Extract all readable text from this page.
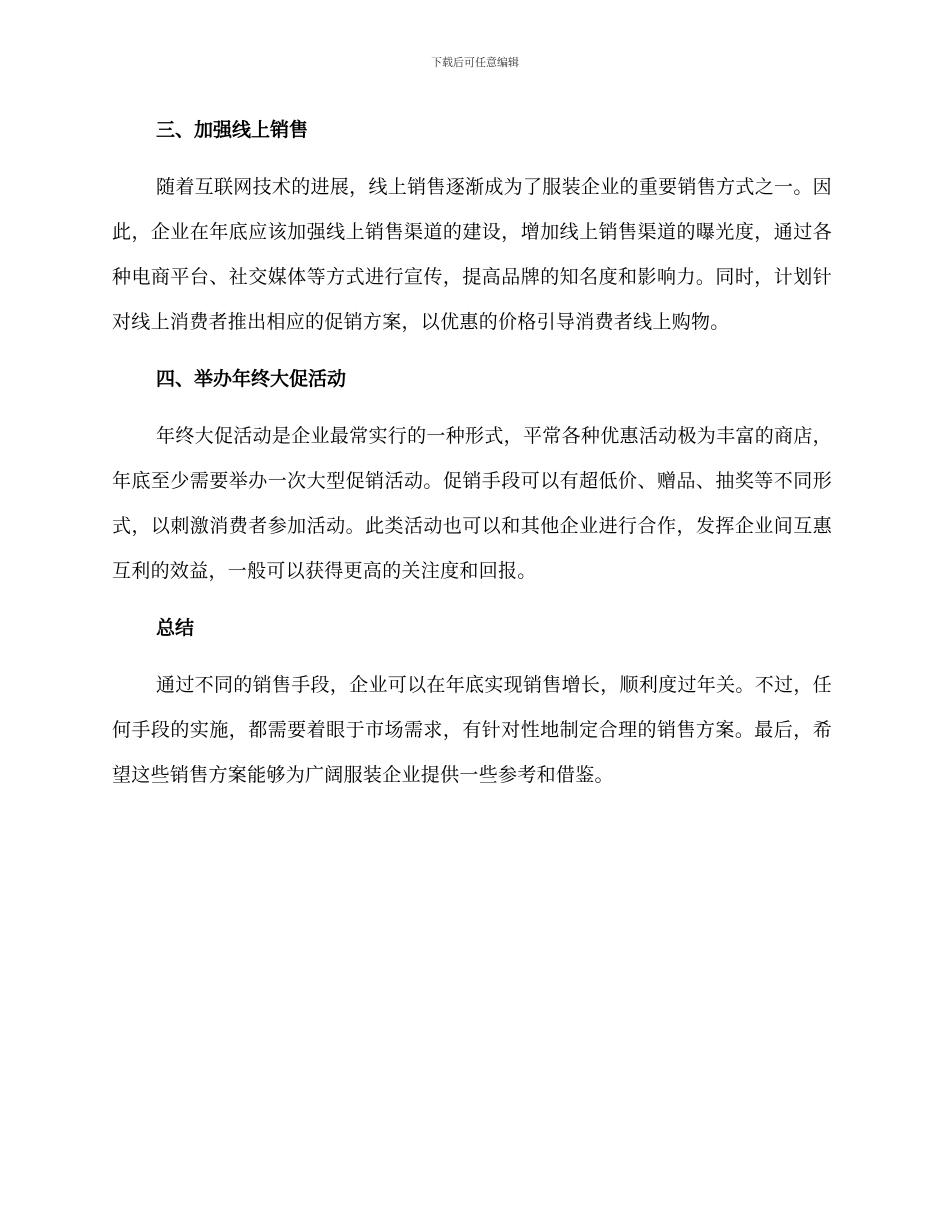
下载后可任意编辑
三、加强线上销售

随着互联网技术的进展，线上销售逐渐成为了服装企业的重要销售方式之一。因此，企业在年底应该加强线上销售渠道的建设，增加线上销售渠道的曝光度，通过各种电商平台、社交媒体等方式进行宣传，提高品牌的知名度和影响力。同时，计划针对线上消费者推出相应的促销方案，以优惠的价格引导消费者线上购物。

四、举办年终大促活动

年终大促活动是企业最常实行的一种形式，平常各种优惠活动极为丰富的商店，年底至少需要举办一次大型促销活动。促销手段可以有超低价、赠品、抽奖等不同形式，以刺激消费者参加活动。此类活动也可以和其他企业进行合作，发挥企业间互惠互利的效益，一般可以获得更高的关注度和回报。

总结

通过不同的销售手段，企业可以在年底实现销售增长，顺利度过年关。不过，任何手段的实施，都需要着眼于市场需求，有针对性地制定合理的销售方案。最后，希望这些销售方案能够为广阔服装企业提供一些参考和借鉴。
